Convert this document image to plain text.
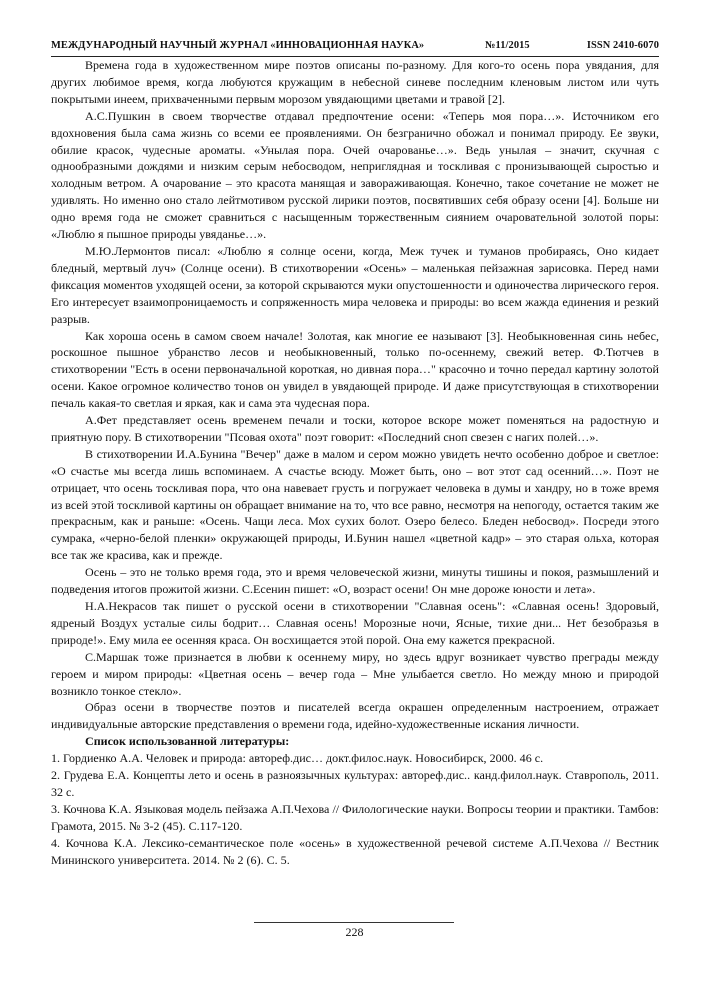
МЕЖДУНАРОДНЫЙ НАУЧНЫЙ ЖУРНАЛ «ИННОВАЦИОННАЯ НАУКА»	№11/2015	ISSN 2410-6070

Времена года в художественном мире поэтов описаны по-разному. Для кого-то осень пора увядания, для других любимое время, когда любуются кружащим в небесной синеве последним кленовым листом или чуть покрытыми инеем, прихваченными первым морозом увядающими цветами и травой [2].

А.С.Пушкин в своем творчестве отдавал предпочтение осени: «Теперь моя пора…». Источником его вдохновения была сама жизнь со всеми ее проявлениями. Он безгранично обожал и понимал природу. Ее звуки, обилие красок, чудесные ароматы. «Унылая пора. Очей очарованье…». Ведь унылая – значит, скучная с однообразными дождями и низким серым небосводом, непригляднaя и тоскливая с пронизывающей сыростью и холодным ветром. А очарование – это красота манящая и завораживающая. Конечно, такое сочетание не может не удивлять. Но именно оно стало лейтмотивом русской лирики поэтов, посвятивших себя образу осени [4]. Больше ни одно время года не сможет сравниться с насыщенным торжественным сиянием очаровательной золотой поры: «Люблю я пышное природы увяданье…».

М.Ю.Лермонтов писал: «Люблю я солнце осени, когда, Меж тучек и туманов пробираясь, Оно кидает бледный, мертвый луч» (Солнце осени). В стихотворении «Осень» – маленькая пейзажная зарисовка. Перед нами фиксация моментов уходящей осени, за которой скрываются муки опустошенности и одиночества лирического героя. Его интересует взаимопроницаемость и сопряженность мира человека и природы: во всем жажда единения и резкий разрыв.

Как хороша осень в самом своем начале! Золотая, как многие ее называют [3]. Необыкновенная синь небес, роскошное пышное убранство лесов и необыкновенный, только по-осеннему, свежий ветер. Ф.Тютчев в стихотворении "Есть в осени первоначальной короткая, но дивная пора…" красочно и точно передал картину золотой осени. Какое огромное количество тонов он увидел в увядающей природе. И даже присутствующая в стихотворении печаль какая-то светлая и яркая, как и сама эта чудесная пора.

А.Фет представляет осень временем печали и тоски, которое вскоре может поменяться на радостную и приятную пору. В стихотворении "Псовая охота" поэт говорит: «Последний сноп свезен с нагих полей…».

В стихотворении И.А.Бунина "Вечер" даже в малом и сером можно увидеть нечто особенно доброе и светлое: «О счастье мы всегда лишь вспоминаем. А счастье всюду. Может быть, оно – вот этот сад осенний…». Поэт не отрицает, что осень тоскливая пора, что она навевает грусть и погружает человека в думы и хандру, но в тоже время из всей этой тоскливой картины он обращает внимание на то, что все равно, несмотря на непогоду, остается таким же прекрасным, как и раньше: «Осень. Чащи леса. Мох сухих болот. Озеро белесо. Бледен небосвод». Посреди этого сумрака, «черно-белой пленки» окружающей природы, И.Бунин нашел «цветной кадр» – это старая ольха, которая все так же красива, как и прежде.

Осень – это не только время года, это и время человеческой жизни, минуты тишины и покоя, размышлений и подведения итогов прожитой жизни. С.Есенин пишет: «О, возраст осени! Он мне дороже юности и лета».

Н.А.Некрасов так пишет о русской осени в стихотворении "Славная осень": «Славная осень! Здоровый, ядреный Воздух усталые силы бодрит… Славная осень! Морозные ночи, Ясные, тихие дни... Нет безобразья в природе!». Ему мила ее осенняя краса. Он восхищается этой порой. Она ему кажется прекрасной.

С.Маршак тоже признается в любви к осеннему миру, но здесь вдруг возникает чувство преграды между героем и миром природы: «Цветная осень – вечер года – Мне улыбается светло. Но между мною и природой возникло тонкое стекло».

Образ осени в творчестве поэтов и писателей всегда окрашен определенным настроением, отражает индивидуальные авторские представления о времени года, идейно-художественные искания личности.

Список использованной литературы:

1. Гордиенко А.А. Человек и природа: автореф.дис… докт.филос.наук. Новосибирск, 2000. 46 с.

2. Грудева Е.А. Концепты лето и осень в разноязычных культурах: автореф.дис.. канд.филол.наук. Ставрополь, 2011. 32 с.

3. Кочнова К.А. Языковая модель пейзажа А.П.Чехова // Филологические науки. Вопросы теории и практики. Тамбов: Грамота, 2015. № 3-2 (45). С.117-120.

4. Кочнова К.А. Лексико-семантическое поле «осень» в художественной речевой системе А.П.Чехова // Вестник Мининского университета. 2014. № 2 (6). С. 5.

228
